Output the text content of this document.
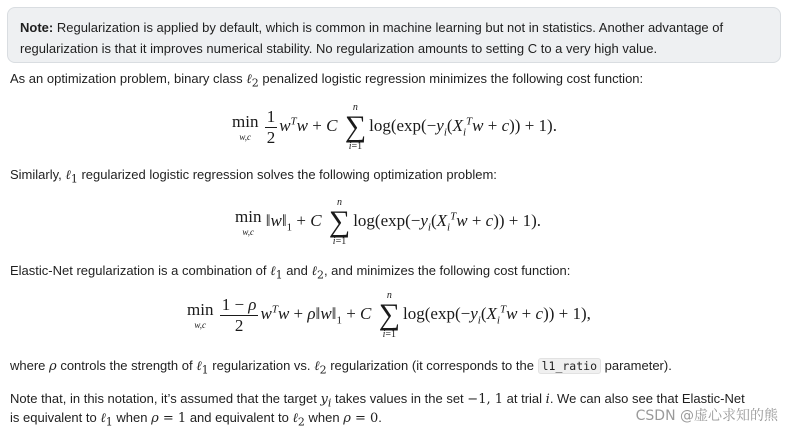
Note: Regularization is applied by default, which is common in machine learning but not in statistics. Another advantage of regularization is that it improves numerical stability. No regularization amounts to setting C to a very high value.
As an optimization problem, binary class ℓ$_2$ penalized logistic regression minimizes the following cost function:
min
w,c
$\frac{1}{2} w^Tw + C$
n
∑
i=1
$\log(\exp(-y_i(X_i^Tw + c)) + 1)$.
Similarly, ℓ$_1$ regularized logistic regression solves the following optimization problem:
min
w,c
$‖w‖_1 + C$
n
∑
i=1
$\log(\exp(-y_i(X_i^Tw + c)) + 1)$.
Elastic-Net regularization is a combination of ℓ$_1$ and ℓ$_2$, and minimizes the following cost function:
min
w,c
$\frac{1 - \rho}{2} w^Tw$ + $\rho‖w‖_1 + C$
n
∑
i=1
$\log(\exp(-y_i(X_i^Tw + c)) + 1)$,
where ρ controls the strength of ℓ$_1$ regularization vs. ℓ$_2$ regularization (it corresponds to the l1_ratio parameter).
Note that, in this notation, it’s assumed that the target $y_i$ takes values in the set −1, 1 at trial i. We can also see that Elastic-Net
is equivalent to ℓ$_1$ when ρ = 1 and equivalent to ℓ$_2$ when ρ = 0.	CSDN @虚心求知的熊
